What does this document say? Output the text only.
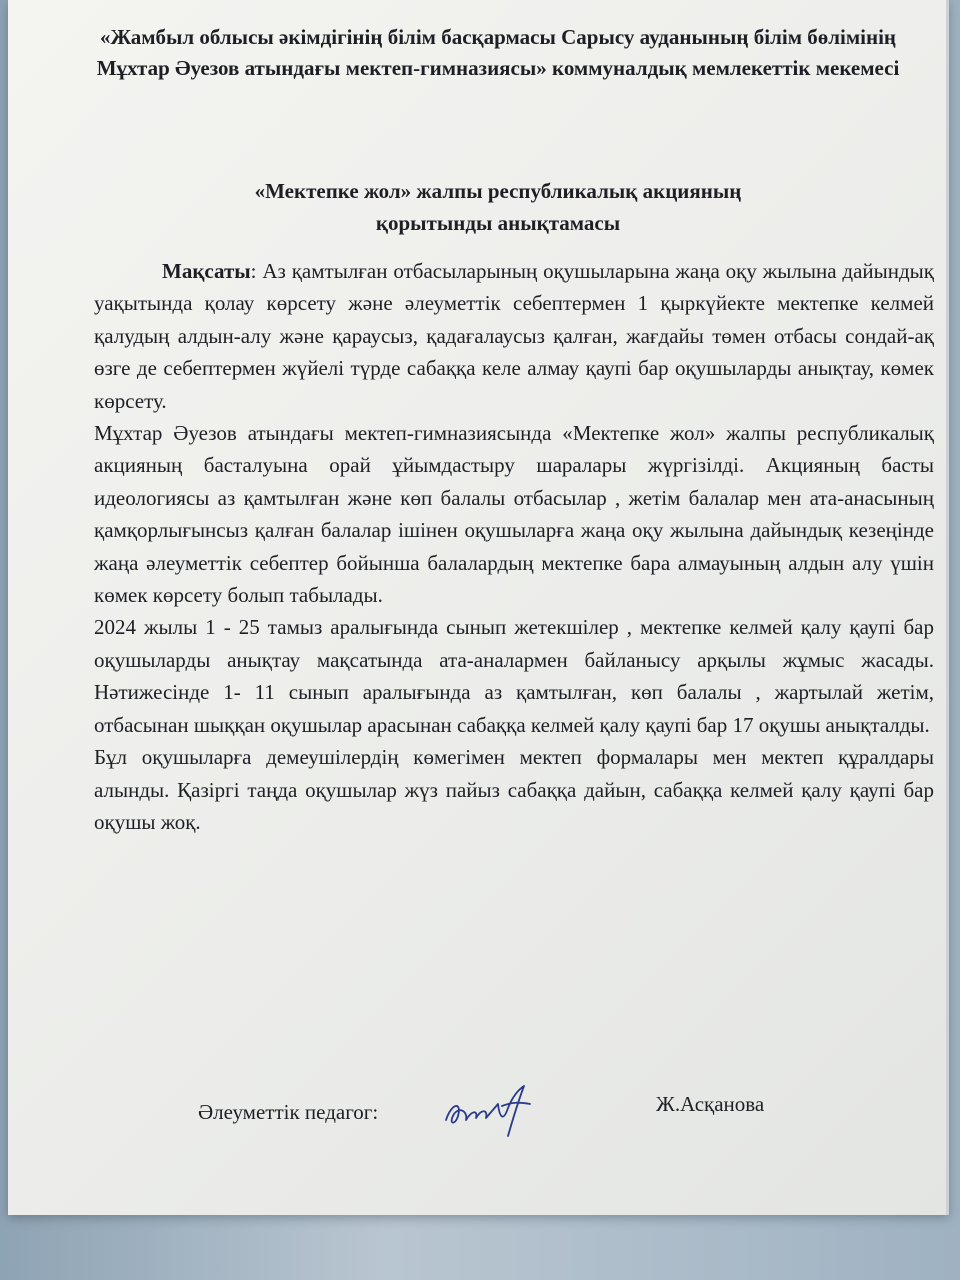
«Жамбыл облысы әкімдігінің білім басқармасы Сарысу ауданының білім бөлімінің Мұхтар Әуезов атындағы мектеп-гимназиясы» коммуналдық мемлекеттік мекемесі
«Мектепке жол» жалпы республикалық акцияның
қорытынды анықтамасы

Мақсаты: Аз қамтылған отбасыларының оқушыларына жаңа оқу жылына дайындық уақытында қолау көрсету және әлеуметтік себептермен 1 қыркүйекте мектепке келмей қалудың алдын-алу және қараусыз, қадағалаусыз қалған, жағдайы төмен отбасы сондай-ақ өзге де себептермен жүйелі түрде сабаққа келе алмау қаупі бар оқушыларды анықтау, көмек көрсету.

Мұхтар Әуезов атындағы мектеп-гимназиясында «Мектепке жол» жалпы республикалық акцияның басталуына орай ұйымдастыру шаралары жүргізілді. Акцияның басты идеологиясы аз қамтылған және көп балалы отбасылар , жетім балалар мен ата-анасының қамқорлығынсыз қалған балалар ішінен оқушыларға жаңа оқу жылына дайындық кезеңінде жаңа әлеуметтік себептер бойынша балалардың мектепке бара алмауының алдын алу үшін көмек көрсету болып табылады.

2024 жылы 1 - 25 тамыз аралығында сынып жетекшілер , мектепке келмей қалу қаупі бар оқушыларды анықтау мақсатында ата-аналармен байланысу арқылы жұмыс жасады. Нәтижесінде 1- 11 сынып аралығында аз қамтылған, көп балалы , жартылай жетім, отбасынан шыққан оқушылар арасынан сабаққа келмей қалу қаупі бар 17 оқушы анықталды.

Бұл оқушыларға демеушілердің көмегімен мектеп формалары мен мектеп құралдары алынды. Қазіргі таңда оқушылар жүз пайыз сабаққа дайын, сабаққа келмей қалу қаупі бар оқушы жоқ.

Әлеуметтік педагог:	Ж.Асқанова
